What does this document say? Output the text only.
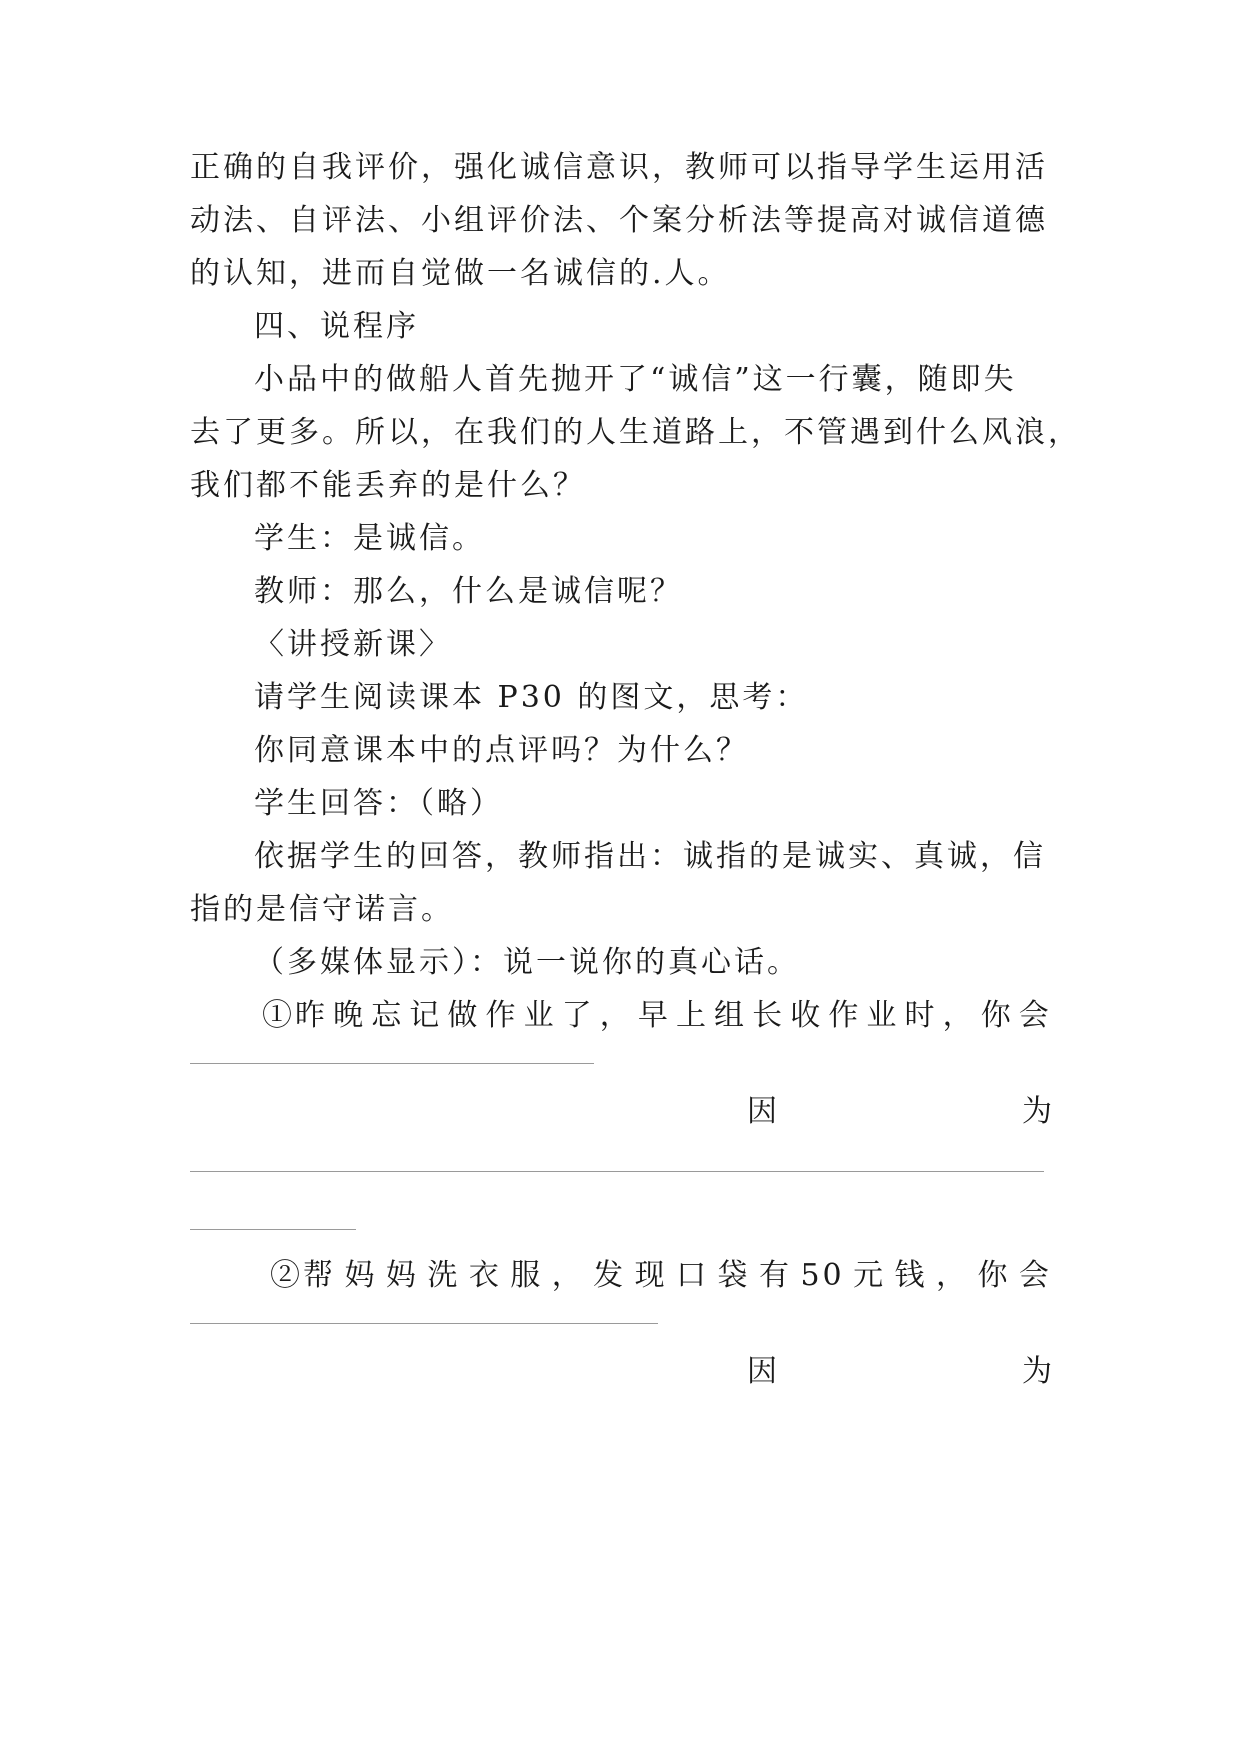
正确的自我评价，强化诚信意识，教师可以指导学生运用活
动法、自评法、小组评价法、个案分析法等提高对诚信道德
的认知，进而自觉做一名诚信的.人。
四、说程序
小品中的做船人首先抛开了“诚信”这一行囊，随即失
去了更多。所以，在我们的人生道路上，不管遇到什么风浪，
我们都不能丢弃的是什么？
学生：是诚信。
教师：那么，什么是诚信呢？
〈讲授新课〉
请学生阅读课本 P30 的图文，思考：
你同意课本中的点评吗？为什么？
学生回答：（略）
依据学生的回答，教师指出：诚指的是诚实、真诚，信
指的是信守诺言。
（多媒体显示）：说一说你的真心话。
①昨 晚 忘 记 做 作 业 了 ， 早 上 组 长 收 作 业 时 ， 你 会
因	为
②帮 妈 妈 洗 衣 服 ， 发 现 口 袋 有 50 元 钱 ， 你 会
因	为
